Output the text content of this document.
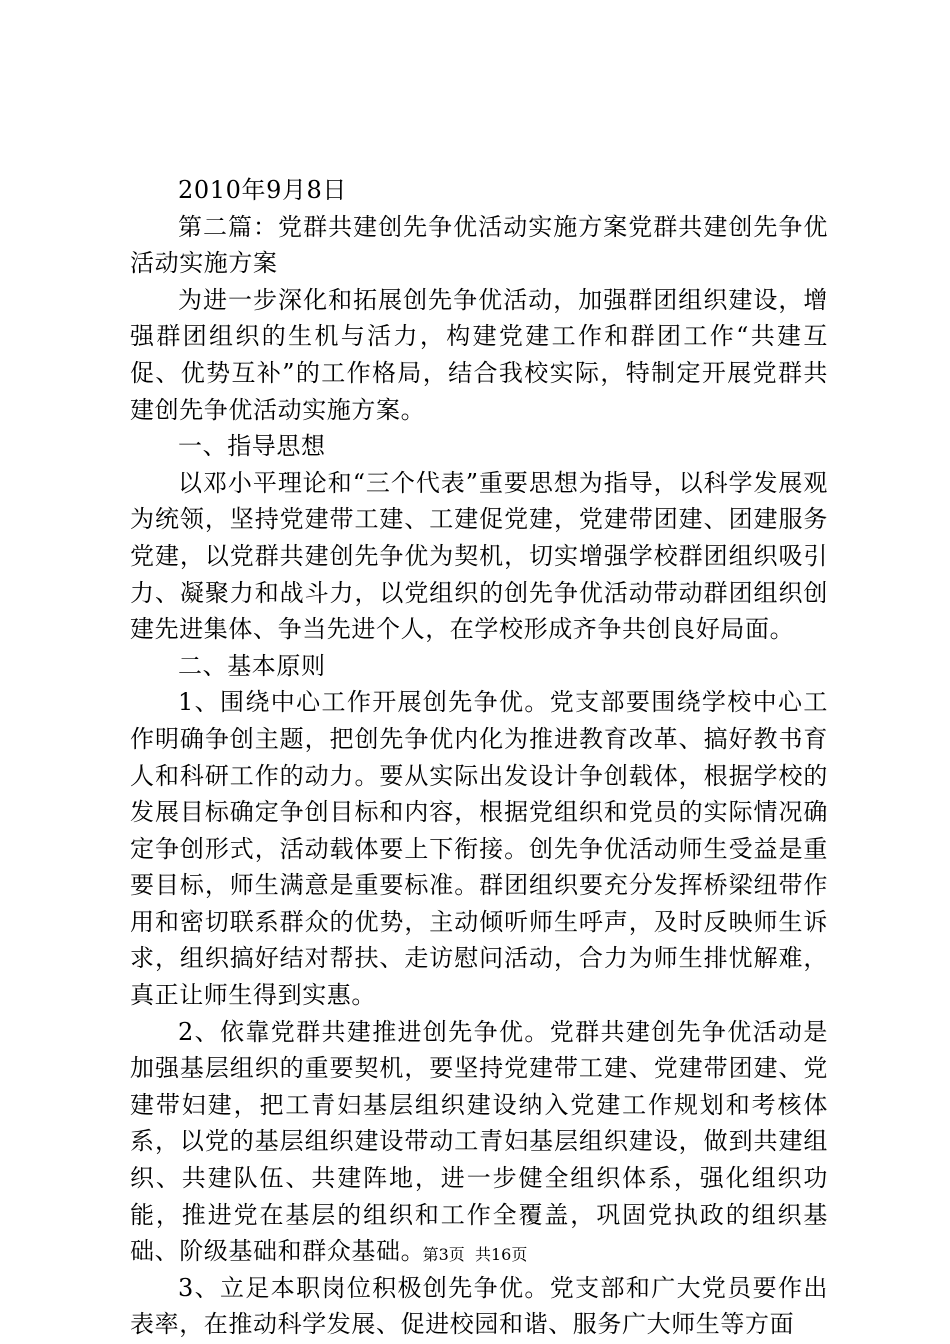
2010年9月8日

第二篇：党群共建创先争优活动实施方案党群共建创先争优活动实施方案

为进一步深化和拓展创先争优活动，加强群团组织建设，增强群团组织的生机与活力，构建党建工作和群团工作“共建互促、优势互补”的工作格局，结合我校实际，特制定开展党群共建创先争优活动实施方案。

一、指导思想

以邓小平理论和“三个代表”重要思想为指导，以科学发展观为统领，坚持党建带工建、工建促党建，党建带团建、团建服务党建，以党群共建创先争优为契机，切实增强学校群团组织吸引力、凝聚力和战斗力，以党组织的创先争优活动带动群团组织创建先进集体、争当先进个人，在学校形成齐争共创良好局面。

二、基本原则

1、围绕中心工作开展创先争优。党支部要围绕学校中心工作明确争创主题，把创先争优内化为推进教育改革、搞好教书育人和科研工作的动力。要从实际出发设计争创载体，根据学校的发展目标确定争创目标和内容，根据党组织和党员的实际情况确定争创形式，活动载体要上下衔接。创先争优活动师生受益是重要目标，师生满意是重要标准。群团组织要充分发挥桥梁纽带作用和密切联系群众的优势，主动倾听师生呼声，及时反映师生诉求，组织搞好结对帮扶、走访慰问活动，合力为师生排忧解难，真正让师生得到实惠。

2、依靠党群共建推进创先争优。党群共建创先争优活动是加强基层组织的重要契机，要坚持党建带工建、党建带团建、党建带妇建，把工青妇基层组织建设纳入党建工作规划和考核体系，以党的基层组织建设带动工青妇基层组织建设，做到共建组织、共建队伍、共建阵地，进一步健全组织体系，强化组织功能，推进党在基层的组织和工作全覆盖，巩固党执政的组织基础、阶级基础和群众基础。

3、立足本职岗位积极创先争优。党支部和广大党员要作出表率，在推动科学发展、促进校园和谐、服务广大师生等方面

第3页 共16页
